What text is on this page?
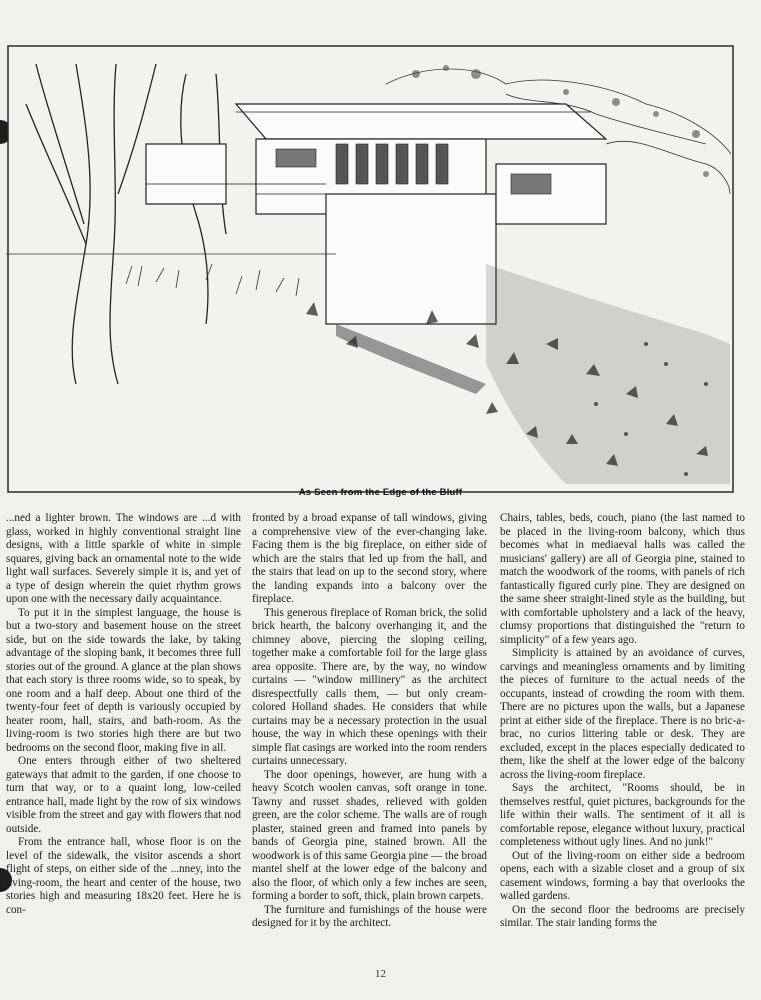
As Seen from the Edge of the Bluff

...ned a lighter brown. The windows are ...d with glass, worked in highly conventional straight line designs, with a little sparkle of white in simple squares, giving back an ornamental note to the wide light wall surfaces. Severely simple it is, and yet of a type of design wherein the quiet rhythm grows upon one with the necessary daily acquaintance.

To put it in the simplest language, the house is but a two-story and basement house on the street side, but on the side towards the lake, by taking advantage of the sloping bank, it becomes three full stories out of the ground. A glance at the plan shows that each story is three rooms wide, so to speak, by one room and a half deep. About one third of the twenty-four feet of depth is variously occupied by heater room, hall, stairs, and bath-room. As the living-room is two stories high there are but two bedrooms on the second floor, making five in all.

One enters through either of two sheltered gateways that admit to the garden, if one choose to turn that way, or to a quaint long, low-ceiled entrance hall, made light by the row of six windows visible from the street and gay with flowers that nod outside.

From the entrance hall, whose floor is on the level of the sidewalk, the visitor ascends a short flight of steps, on either side of the ...nney, into the living-room, the heart and center of the house, two stories high and measuring 18x20 feet. Here he is con-

fronted by a broad expanse of tall windows, giving a comprehensive view of the ever-changing lake. Facing them is the big fireplace, on either side of which are the stairs that led up from the hall, and the stairs that lead on up to the second story, where the landing expands into a balcony over the fireplace.

This generous fireplace of Roman brick, the solid brick hearth, the balcony overhanging it, and the chimney above, piercing the sloping ceiling, together make a comfortable foil for the large glass area opposite. There are, by the way, no window curtains — "window millinery" as the architect disrespectfully calls them, — but only cream-colored Holland shades. He considers that while curtains may be a necessary protection in the usual house, the way in which these openings with their simple flat casings are worked into the room renders curtains unnecessary.

The door openings, however, are hung with a heavy Scotch woolen canvas, soft orange in tone. Tawny and russet shades, relieved with golden green, are the color scheme. The walls are of rough plaster, stained green and framed into panels by bands of Georgia pine, stained brown. All the woodwork is of this same Georgia pine — the broad mantel shelf at the lower edge of the balcony and also the floor, of which only a few inches are seen, forming a border to soft, thick, plain brown carpets.

The furniture and furnishings of the house were designed for it by the architect.

Chairs, tables, beds, couch, piano (the last named to be placed in the living-room balcony, which thus becomes what in mediaeval halls was called the musicians' gallery) are all of Georgia pine, stained to match the woodwork of the rooms, with panels of rich fantastically figured curly pine. They are designed on the same sheer straight-lined style as the building, but with comfortable upholstery and a lack of the heavy, clumsy proportions that distinguished the "return to simplicity" of a few years ago.

Simplicity is attained by an avoidance of curves, carvings and meaningless ornaments and by limiting the pieces of furniture to the actual needs of the occupants, instead of crowding the room with them. There are no pictures upon the walls, but a Japanese print at either side of the fireplace. There is no bric-a-brac, no curios littering table or desk. They are excluded, except in the places especially dedicated to them, like the shelf at the lower edge of the balcony across the living-room fireplace.

Says the architect, "Rooms should, be in themselves restful, quiet pictures, backgrounds for the life within their walls. The sentiment of it all is comfortable repose, elegance without luxury, practical completeness without ugly lines. And no junk!"

Out of the living-room on either side a bedroom opens, each with a sizable closet and a group of six casement windows, forming a bay that overlooks the walled gardens.

On the second floor the bedrooms are precisely similar. The stair landing forms the

12
